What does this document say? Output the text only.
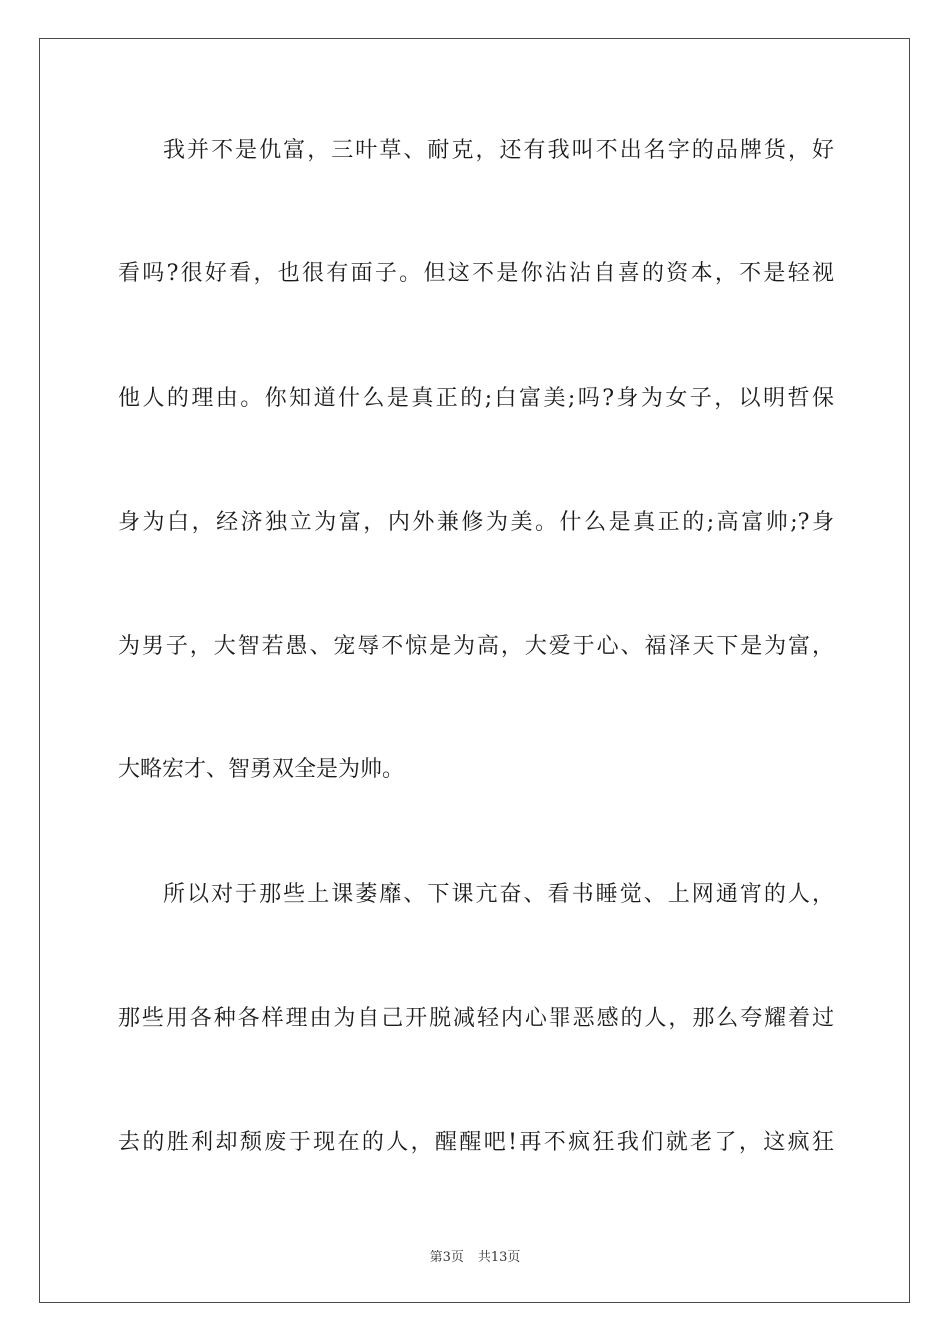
我并不是仇富，三叶草、耐克，还有我叫不出名字的品牌货，好
看吗?很好看，也很有面子。但这不是你沾沾自喜的资本，不是轻视
他人的理由。你知道什么是真正的;白富美;吗?身为女子，以明哲保
身为白，经济独立为富，内外兼修为美。什么是真正的;高富帅;?身
为男子，大智若愚、宠辱不惊是为高，大爱于心、福泽天下是为富，
大略宏才、智勇双全是为帅。
所以对于那些上课萎靡、下课亢奋、看书睡觉、上网通宵的人，
那些用各种各样理由为自己开脱减轻内心罪恶感的人，那么夸耀着过
去的胜利却颓废于现在的人，醒醒吧!再不疯狂我们就老了，这疯狂
第3页 共13页
